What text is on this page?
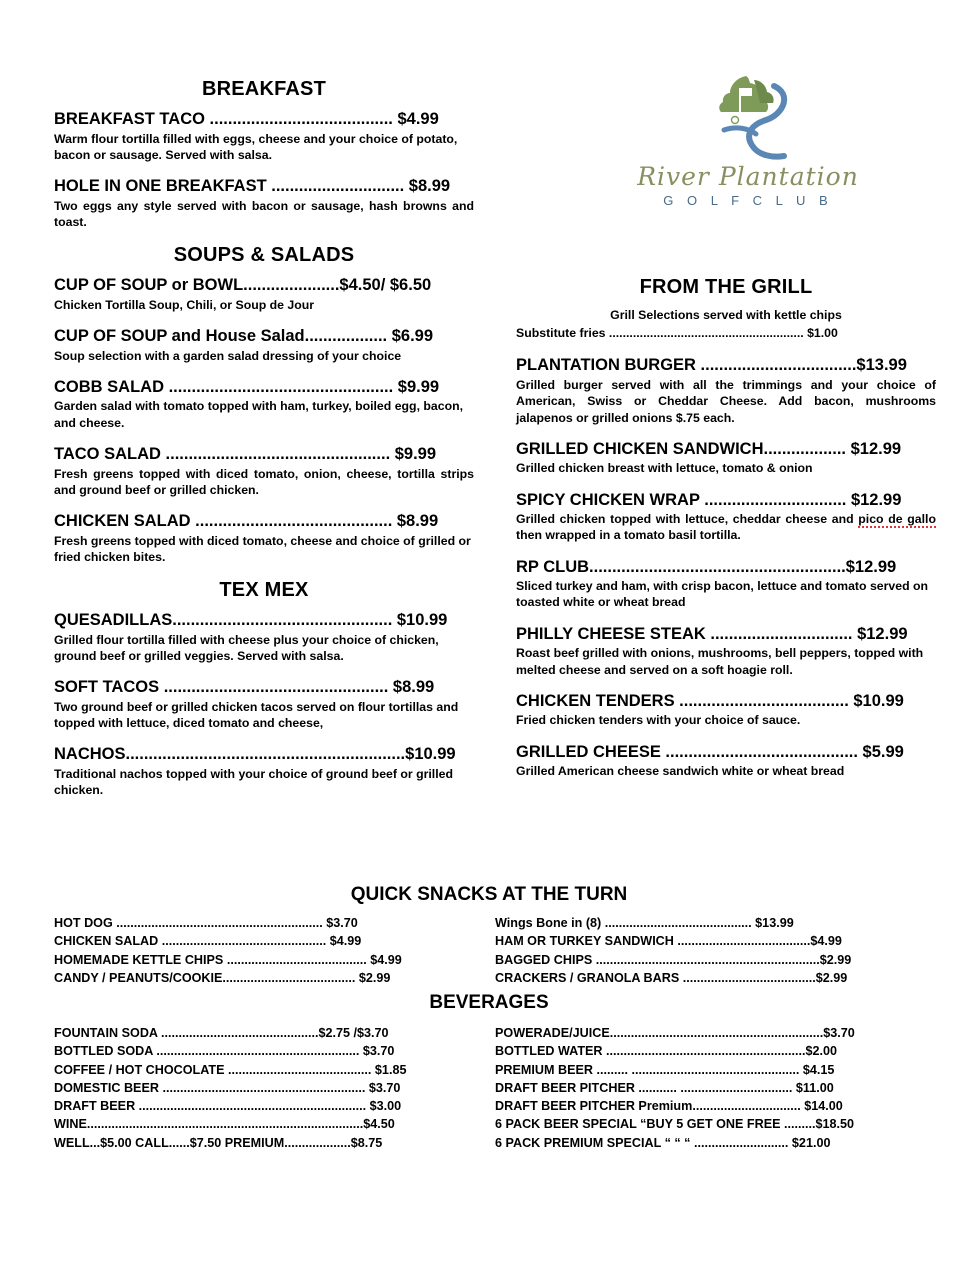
River Plantation
G O L F C L U B
BREAKFAST
BREAKFAST TACO ........................................ $4.99
Warm flour tortilla filled with eggs, cheese and your choice of potato, bacon or sausage. Served with salsa.
HOLE IN ONE BREAKFAST ............................. $8.99
Two eggs any style served with bacon or sausage, hash browns and toast.
SOUPS & SALADS
CUP OF SOUP or BOWL.....................$4.50/ $6.50
Chicken Tortilla Soup, Chili, or Soup de Jour
CUP OF SOUP and House Salad.................. $6.99
Soup selection with a garden salad dressing of your choice
COBB SALAD ................................................. $9.99
Garden salad with tomato topped with ham, turkey, boiled egg, bacon, and cheese.
TACO SALAD ................................................. $9.99
Fresh greens topped with diced tomato, onion, cheese, tortilla strips and ground beef or grilled chicken.
CHICKEN SALAD ........................................... $8.99
Fresh greens topped with diced tomato, cheese and choice of grilled or fried chicken bites.
TEX MEX
QUESADILLAS................................................ $10.99
Grilled flour tortilla filled with cheese plus your choice of chicken, ground beef or grilled veggies. Served with salsa.
SOFT TACOS ................................................. $8.99
Two ground beef or grilled chicken tacos served on flour tortillas and topped with lettuce, diced tomato and cheese,
NACHOS.............................................................$10.99
Traditional nachos topped with your choice of ground beef or grilled chicken.
FROM THE GRILL
Grill Selections served with kettle chips
Substitute fries ......................................................... $1.00
PLANTATION BURGER ..................................$13.99
Grilled burger served with all the trimmings and your choice of American, Swiss or Cheddar Cheese. Add bacon, mushrooms jalapenos or grilled onions $.75 each.
GRILLED CHICKEN SANDWICH.................. $12.99
Grilled chicken breast with lettuce, tomato & onion
SPICY CHICKEN WRAP ............................... $12.99
Grilled chicken topped with lettuce, cheddar cheese and pico de gallo then wrapped in a tomato basil tortilla.
RP CLUB........................................................$12.99
Sliced turkey and ham, with crisp bacon, lettuce and tomato served on toasted white or wheat bread
PHILLY CHEESE STEAK ............................... $12.99
Roast beef grilled with onions, mushrooms, bell peppers, topped with melted cheese and served on a soft hoagie roll.
CHICKEN TENDERS ..................................... $10.99
Fried chicken tenders with your choice of sauce.
GRILLED CHEESE .......................................... $5.99
Grilled American cheese sandwich white or wheat bread
QUICK SNACKS AT THE TURN
HOT DOG ........................................................... $3.70
CHICKEN SALAD ............................................... $4.99
HOMEMADE KETTLE CHIPS ........................................ $4.99
CANDY / PEANUTS/COOKIE...................................... $2.99
Wings Bone in (8) .......................................... $13.99
HAM OR TURKEY SANDWICH ......................................$4.99
BAGGED CHIPS ................................................................$2.99
CRACKERS / GRANOLA BARS ......................................$2.99
BEVERAGES
FOUNTAIN SODA .............................................$2.75 /$3.70
BOTTLED SODA .......................................................... $3.70
COFFEE / HOT CHOCOLATE ......................................... $1.85
DOMESTIC BEER .......................................................... $3.70
DRAFT BEER ................................................................. $3.00
WINE...............................................................................$4.50
WELL...$5.00 CALL......$7.50 PREMIUM...................$8.75
POWERADE/JUICE.............................................................$3.70
BOTTLED WATER .........................................................$2.00
PREMIUM BEER ......... ................................................ $4.15
DRAFT BEER PITCHER ........... ................................ $11.00
DRAFT BEER PITCHER Premium............................... $14.00
6 PACK BEER SPECIAL “BUY 5 GET ONE FREE .........$18.50
6 PACK PREMIUM SPECIAL “ “ “ ........................... $21.00
